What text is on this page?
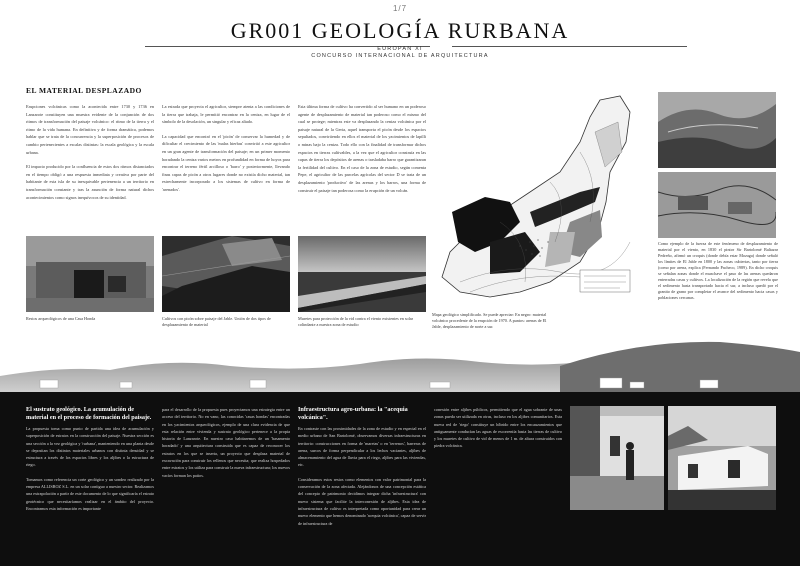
1/7
GR001 GEOLOGÍA RURBANA
EUROPAN XI
CONCURSO INTERNACIONAL DE ARQUITECTURA
EL MATERIAL DESPLAZADO

Erupciones volcánicas como la acontecida entre 1730 y 1736 en Lanzarote constituyen una muestra evidente de la conjunción de dos ritmos de transformación del paisaje volcánico: el ritmo de la tierra y el ritmo de la vida humana. En definitiva y de forma dramática, podemos hablar que se trata de la concurrencia y la superposición de procesos de cambio pertenecientes a escalas distintas: la escala geológica y la escala urbana.

El impacto producido por la confluencia de estos dos ritmos distanciados en el tiempo obligó a una respuesta inmediata y creativa por parte del habitante de esta isla de su inesquivable pertenencia a un territorio en transformación constante y tras la asunción de forma natural dichos acontecimientos como signos inequívocos de su identidad.

La estrada que proyecta el agricultor, siempre atenta a las condiciones de la tierra que trabaja, le permitió encontrar en la ceniza, en lugar de el símbolo de la desolación, un singular y eficaz aliado.

La capacidad que encontró en el 'picón' de conservar la humedad y de dificultar el crecimiento de las 'malas hierbas' convirtió a este agricultor en un gran agente de transformación del paisaje; en un primer momento horadando la ceniza varios metros en profundidad en forma de hoyos para encontrar el terreno fértil arcilloso o 'barro' y posteriormente, llevando finas capas de picón a otros lugares donde no existía dicho material, tan estrechamente incorporado a los sistemas de cultivo en forma de 'arenados'.

Esta última forma de cultivo ha convertido al ser humano en un poderoso agente de desplazamiento de material tan poderoso como el mismo del cual se protege; mientras este va desplazando la ceniza volcánica por el paisaje natural de la Geria, aquel transporta el picón desde los espacios sepultados, convirtiendo en ellos el material de los yacimientos de lapilli o minas bajo la ceniza. Todo ello con la finalidad de transformar dichos espacios en tierras cultivables, a la vez que el agricultor construía en las capas de tierra los depósitos de arenas o trasladaba barro que garantizaran la fertilidad del cultivo. En el caso de la zona de estudio, según comenta Pepe, el agricultor de las parcelas agrícolas del sector D se trata de un desplazamiento 'productivo' de las arenas y los barros, una forma de construir el paisaje tan poderosa como la erupción de un volcán.

Restos arqueológicos de una Casa Honda	Cultivos con picón sobre paisaje del Jable. Unión de dos tipos de desplazamiento de material
Muretes para protección de la vid contra el viento existentes en solar colindante a nuestra zona de estudio
Mapa geológico simplificado. Se puede apreciar: En negro: material volcánico procedente de la erupción de 1970. A puntos: arenas de El Jable, desplazamiento de norte a sur.
Como ejemplo de la fuerza de este fenómeno de desplazamiento de material por el viento, en 1830 el pintor Sir Bartolomé Baltazar Pedreño, afirmó un croquis (donde debía estar Mozaga) donde señaló los límites de El Jable en 1800 y las zonas cubiertas, tanto por tierra (como por arena, explica (Fernando Pacheco, 1989). En dicho croquis se señalan zonas donde el muschave el paso de las arenas quedaron enterradas casas y cultivos. La localización de la región que revela que el sedimento hasta transportado hacia el sur, a incluso quedó por el granito de grano por completar el avance del sedimento hacia casas y poblaciones cercanas.
El sustrato geológico. La acumulación de material en el proceso de formación del paisaje.

La propuesta toma como punto de partida una idea de acumulación y superposición de estratos en la construcción del paisaje. Nuestra sección es una sección a la vez geológica y 'rurbana', manteniendo en una planta desde se depositan los distintos materiales urbanos con distinta densidad y se estructura a través de los espacios libres y los aljibes o la estructura de riego.

Tomamos como referencia un corte geológico y un sondeo realizado por la empresa ALLISROZ S.L. en un solar contiguo a nuestro sector. Realizamos una extrapolación a partir de este documento de lo que significaría el estrato geotécnico que necesitaríamos realizar en el ámbito del proyecto. Encontramos esta información es importante

para el desarrollo de la propuesta pues proyectamos una estrategia entre un acceso del territorio. No en vano, las conocidas 'casas hondas' encontradas en los yacimientos arqueológicos, ejemplo de una clara evidencia de que esta relación entre vivienda y sustrato geológico pertenece a la propia historia de Lanzarote. En nuestro caso habitaremos de un 'basamento horadado' y una arquitectura construida que es capaz de reconocer los estratos en los que se inserta, un proyecto que desplaza material de excavación para construir los rellenos que necesita; que realiza hospedados entre estratos y los utiliza para construir la nueva infraestructura; los nuevos vacíos forman los patios.

Infraestructura agro-urbana: la "acequia volcánica".

En contraste con las proximidades de la zona de estudio y en especial en el medio urbano de San Bartolomé, observamos diversas infraestructuras en territorio: construcciones en forma de 'maretas' o en 'terrenos', barreras de arena, surcos de forma perpendicular a los lechos vaciantes, aljibes de almacenamiento del agua de lluvia para el riego, aljibes para las viviendas, etc.

Consideramos estos restos como elementos con valor patrimonial para la conservación de la zona afectada. Alejándonos de una concepción estática del concepto de patrimonio decidimos integrar dicha 'infraestructura' con nuevo sistema que facilite la interconexión de aljibes. Esta idea de infraestructura de cultivo es interpretada como oportunidad para crear un nuevo elemento que hemos denominado 'acequia volcánica', capaz de servir de infraestructura de

conexión entre aljibes públicos, permitiendo que el agua sobrante de unas zonas pueda ser utilizada en otras, incluso en los aljibes comunitarios. Esta nueva red de 'riego' constituye un híbrido entre los encauzamientos que antiguamente conducían las aguas de escorrentía hasta las tierras de cultivo y los muretes de cultivo de vid de menos de 1 m. de altura construidos con piedra volcánica.
